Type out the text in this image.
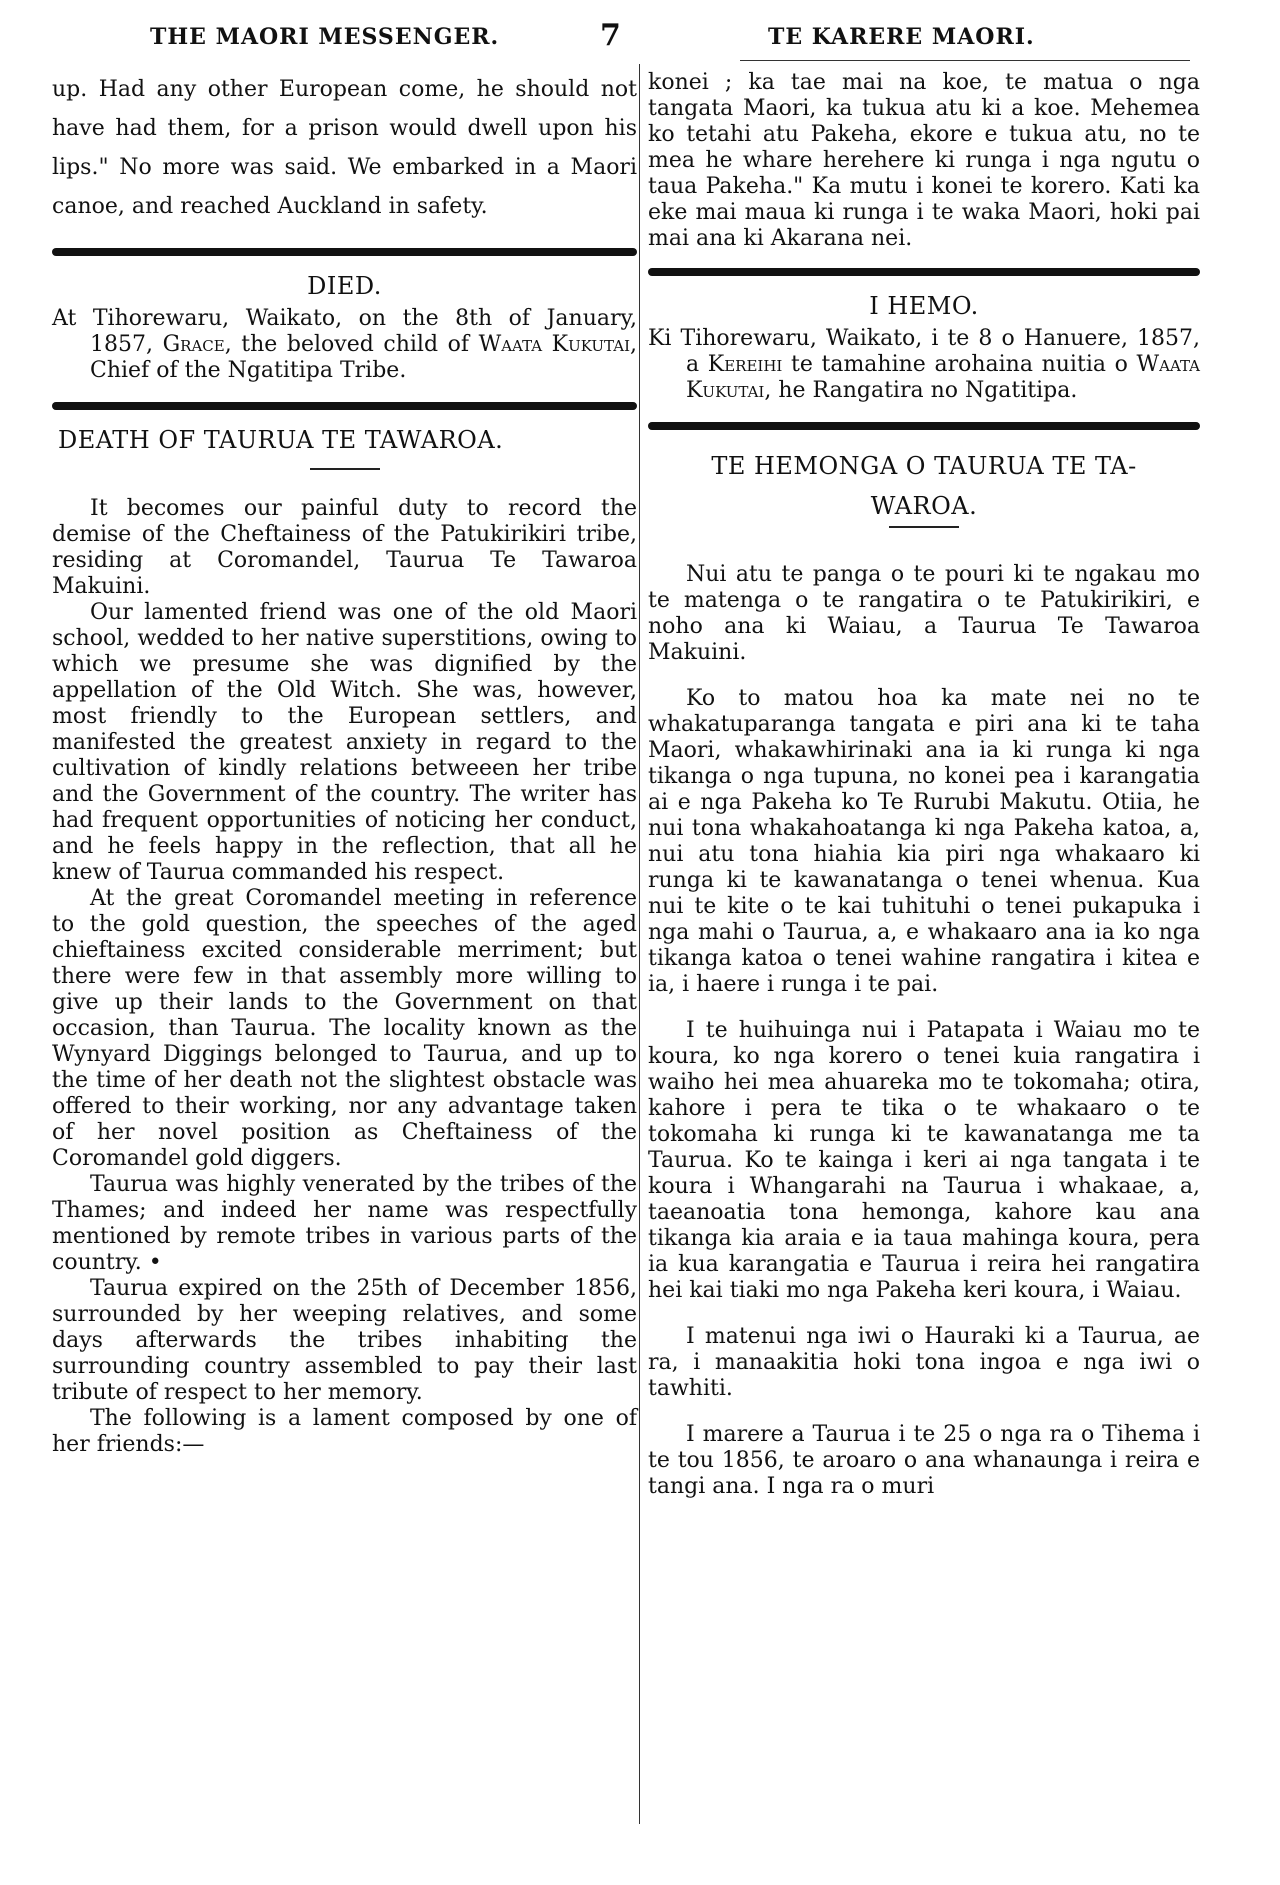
THE MAORI MESSENGER.	7	TE KARERE MAORI.

up. Had any other European come, he should not have had them, for a prison would dwell upon his lips." No more was said. We embarked in a Maori canoe, and reached Auckland in safety.

DIED.

At Tihorewaru, Waikato, on the 8th of January, 1857, Grace, the beloved child of Waata Kukutai, Chief of the Ngatitipa Tribe.

DEATH OF TAURUA TE TAWAROA.

It becomes our painful duty to record the demise of the Cheftainess of the Patukirikiri tribe, residing at Coromandel, Taurua Te Tawaroa Makuini.

Our lamented friend was one of the old Maori school, wedded to her native superstitions, owing to which we presume she was dignified by the appellation of the Old Witch. She was, however, most friendly to the European settlers, and manifested the greatest anxiety in regard to the cultivation of kindly relations betweeen her tribe and the Government of the country. The writer has had frequent opportunities of noticing her conduct, and he feels happy in the reflection, that all he knew of Taurua commanded his respect.

At the great Coromandel meeting in reference to the gold question, the speeches of the aged chieftainess excited considerable merriment; but there were few in that assembly more willing to give up their lands to the Government on that occasion, than Taurua. The locality known as the Wynyard Diggings belonged to Taurua, and up to the time of her death not the slightest obstacle was offered to their working, nor any advantage taken of her novel position as Cheftainess of the Coromandel gold diggers.

Taurua was highly venerated by the tribes of the Thames; and indeed her name was respectfully mentioned by remote tribes in various parts of the country. •

Taurua expired on the 25th of December 1856, surrounded by her weeping relatives, and some days afterwards the tribes inhabiting the surrounding country assembled to pay their last tribute of respect to her memory.

The following is a lament composed by one of her friends:—

konei ; ka tae mai na koe, te matua o nga tangata Maori, ka tukua atu ki a koe. Mehemea ko tetahi atu Pakeha, ekore e tukua atu, no te mea he whare herehere ki runga i nga ngutu o taua Pakeha." Ka mutu i konei te korero. Kati ka eke mai maua ki runga i te waka Maori, hoki pai mai ana ki Akarana nei.

I HEMO.

Ki Tihorewaru, Waikato, i te 8 o Hanuere, 1857, a Kereihi te tamahine arohaina nuitia o Waata Kukutai, he Rangatira no Ngatitipa.

TE HEMONGA O TAURUA TE TA-
WAROA.

Nui atu te panga o te pouri ki te ngakau mo te matenga o te rangatira o te Patukirikiri, e noho ana ki Waiau, a Taurua Te Tawaroa Makuini.

Ko to matou hoa ka mate nei no te whakatuparanga tangata e piri ana ki te taha Maori, whakawhirinaki ana ia ki runga ki nga tikanga o nga tupuna, no konei pea i karangatia ai e nga Pakeha ko Te Rurubi Makutu. Otiia, he nui tona whakahoatanga ki nga Pakeha katoa, a, nui atu tona hiahia kia piri nga whakaaro ki runga ki te kawanatanga o tenei whenua. Kua nui te kite o te kai tuhituhi o tenei pukapuka i nga mahi o Taurua, a, e whakaaro ana ia ko nga tikanga katoa o tenei wahine rangatira i kitea e ia, i haere i runga i te pai.

I te huihuinga nui i Patapata i Waiau mo te koura, ko nga korero o tenei kuia rangatira i waiho hei mea ahuareka mo te tokomaha; otira, kahore i pera te tika o te whakaaro o te tokomaha ki runga ki te kawanatanga me ta Taurua. Ko te kainga i keri ai nga tangata i te koura i Whangarahi na Taurua i whakaae, a, taeanoatia tona hemonga, kahore kau ana tikanga kia araia e ia taua mahinga koura, pera ia kua karangatia e Taurua i reira hei rangatira hei kai tiaki mo nga Pakeha keri koura, i Waiau.

I matenui nga iwi o Hauraki ki a Taurua, ae ra, i manaakitia hoki tona ingoa e nga iwi o tawhiti.

I marere a Taurua i te 25 o nga ra o Tihema i te tou 1856, te aroaro o ana whanaunga i reira e tangi ana. I nga ra o muri
